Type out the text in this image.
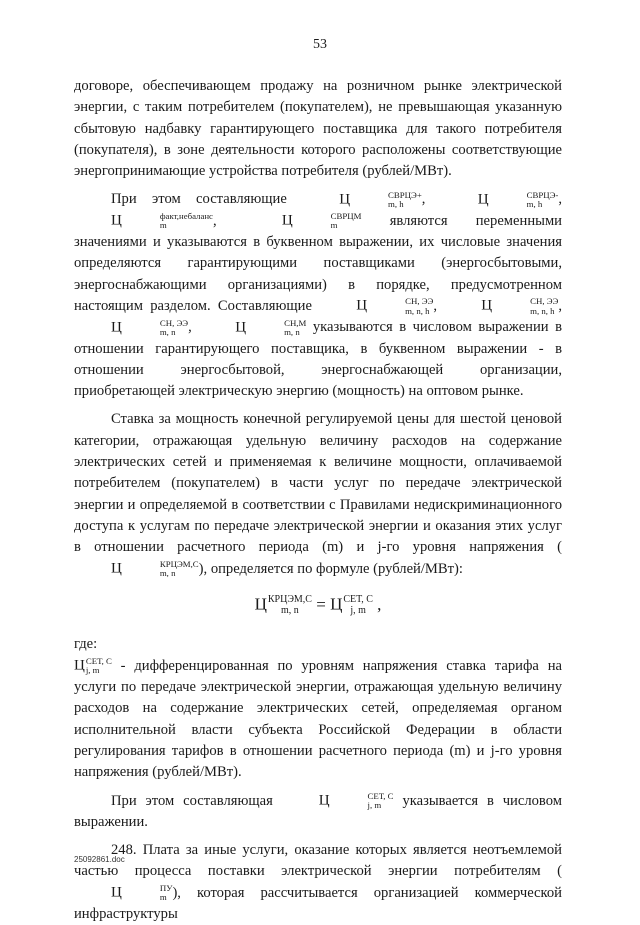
53

договоре, обеспечивающем продажу на розничном рынке электрической энергии, с таким потребителем (покупателем), не превышающая указанную сбытовую надбавку гарантирующего поставщика для такого потребителя (покупателя), в зоне деятельности которого расположены соответствующие энергопринимающие устройства потребителя (рублей/МВт).

При этом составляющие	Ц	СВРЦЭ+
m, h	, Ц	СВРЦЭ-
m, h	, Ц	факт,небаланс
m	, Ц	СВРЦМ
m	являются переменными значениями и указываются в буквенном выражении, их числовые значения определяются гарантирующими поставщиками (энергосбытовыми, энергоснабжающими организациями) в порядке, предусмотренном настоящим разделом. Составляющие	Ц	СН, ЭЭ
m, n, h , Ц	СН, ЭЭ
m, n, h , Ц	СН, ЭЭ
m, n , Ц	СН,М
m, n указываются в числовом выражении в отношении гарантирующего поставщика, в буквенном выражении - в отношении энергосбытовой, энергоснабжающей организации, приобретающей электрическую энергию (мощность) на оптовом рынке.

Ставка за мощность конечной регулируемой цены для шестой ценовой категории, отражающая удельную величину расходов на содержание электрических сетей и применяемая к величине мощности, оплачиваемой потребителем (покупателем) в части услуг по передаче электрической энергии и определяемой в соответствии с Правилами недискриминационного доступа к услугам по передаче электрической энергии и оказания этих услуг в отношении расчетного периода (m) и j-го уровня напряжения (Ц	КРЦЭМ,С
m, n	), определяется по формуле (рублей/МВт):

Ц КРЦЭМ,С
m, n = Ц СЕТ, С
j, m ,

где:

Ц СЕТ, С
j, m	- дифференцированная по уровням напряжения ставка тарифа на услуги по передаче электрической энергии, отражающая удельную величину расходов на содержание электрических сетей, определяемая органом исполнительной власти субъекта Российской Федерации в области регулирования тарифов в отношении расчетного периода (m) и j-го уровня напряжения (рублей/МВт).

При этом составляющая	Ц	СЕТ, С
j, m	указывается в числовом выражении.

248. Плата за иные услуги, оказание которых является неотъемлемой частью процесса поставки электрической энергии потребителям (Ц	ПУ
m ), которая рассчитывается организацией коммерческой инфраструктуры

25092861.doc
